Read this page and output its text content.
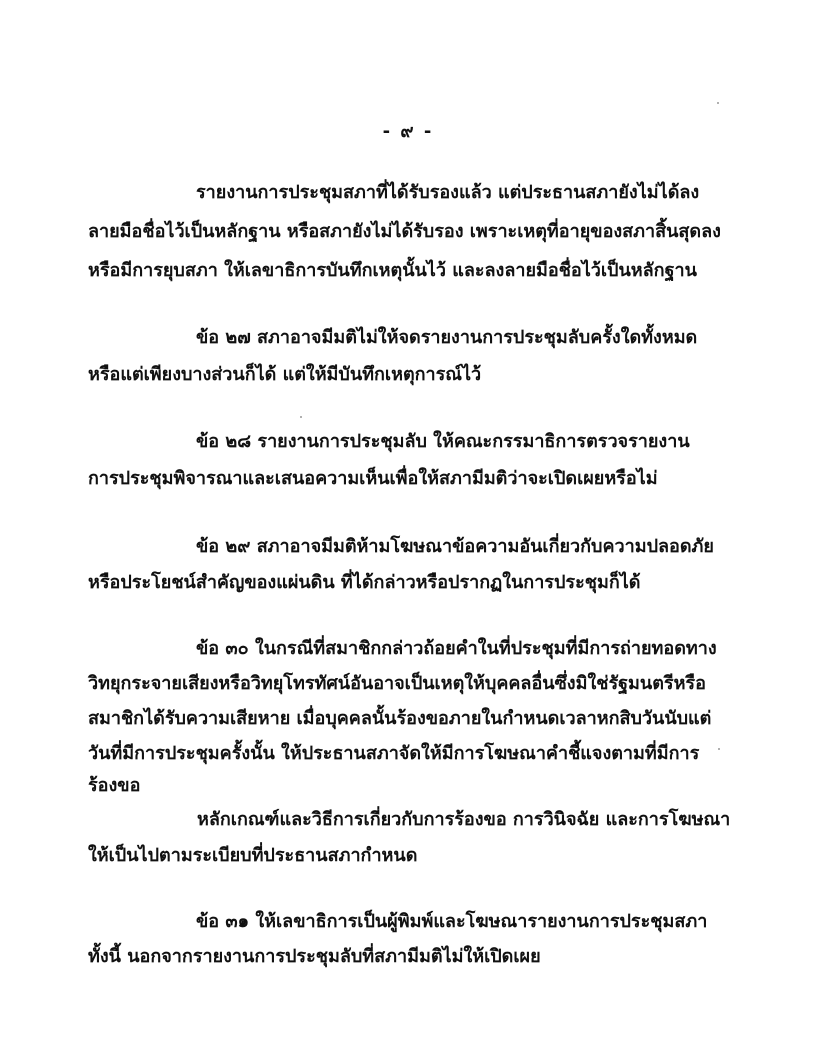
- ๙ -
รายงานการประชุมสภาที่ได้รับรองแล้ว แต่ประธานสภายังไม่ได้ลง
ลายมือชื่อไว้เป็นหลักฐาน หรือสภายังไม่ได้รับรอง เพราะเหตุที่อายุของสภาสิ้นสุดลง
หรือมีการยุบสภา ให้เลขาธิการบันทึกเหตุนั้นไว้ และลงลายมือชื่อไว้เป็นหลักฐาน
ข้อ ๒๗ สภาอาจมีมติไม่ให้จดรายงานการประชุมลับครั้งใดทั้งหมด
หรือแต่เพียงบางส่วนก็ได้ แต่ให้มีบันทึกเหตุการณ์ไว้
ข้อ ๒๘ รายงานการประชุมลับ ให้คณะกรรมาธิการตรวจรายงาน
การประชุมพิจารณาและเสนอความเห็นเพื่อให้สภามีมติว่าจะเปิดเผยหรือไม่
ข้อ ๒๙ สภาอาจมีมติห้ามโฆษณาข้อความอันเกี่ยวกับความปลอดภัย
หรือประโยชน์สำคัญของแผ่นดิน ที่ได้กล่าวหรือปรากฏในการประชุมก็ได้
ข้อ ๓๐ ในกรณีที่สมาชิกกล่าวถ้อยคำในที่ประชุมที่มีการถ่ายทอดทาง
วิทยุกระจายเสียงหรือวิทยุโทรทัศน์อันอาจเป็นเหตุให้บุคคลอื่นซึ่งมิใช่รัฐมนตรีหรือ
สมาชิกได้รับความเสียหาย เมื่อบุคคลนั้นร้องขอภายในกำหนดเวลาหกสิบวันนับแต่
วันที่มีการประชุมครั้งนั้น ให้ประธานสภาจัดให้มีการโฆษณาคำชี้แจงตามที่มีการ
ร้องขอ
หลักเกณฑ์และวิธีการเกี่ยวกับการร้องขอ การวินิจฉัย และการโฆษณา
ให้เป็นไปตามระเบียบที่ประธานสภากำหนด
ข้อ ๓๑ ให้เลขาธิการเป็นผู้พิมพ์และโฆษณารายงานการประชุมสภา
ทั้งนี้ นอกจากรายงานการประชุมลับที่สภามีมติไม่ให้เปิดเผย
